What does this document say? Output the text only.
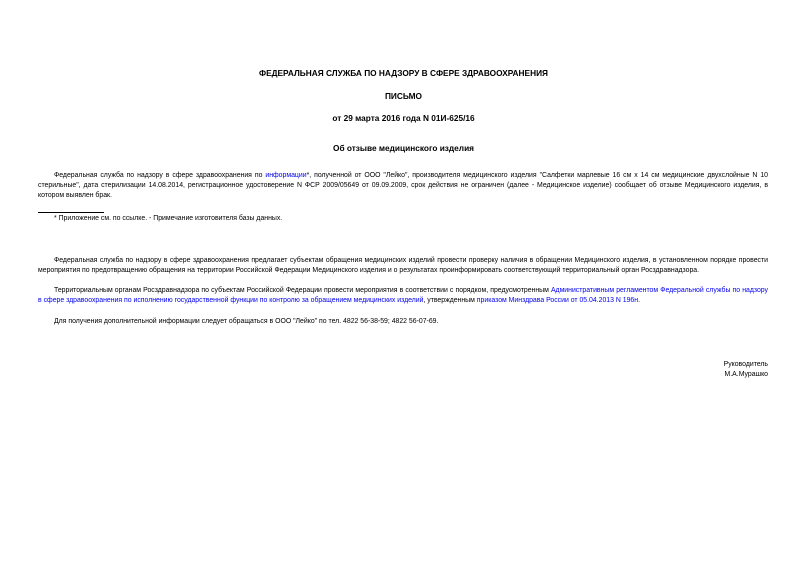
ФЕДЕРАЛЬНАЯ СЛУЖБА ПО НАДЗОРУ В СФЕРЕ ЗДРАВООХРАНЕНИЯ
ПИСЬМО
от 29 марта 2016 года N 01И-625/16
Об отзыве медицинского изделия
Федеральная служба по надзору в сфере здравоохранения по информации*, полученной от ООО "Лейко", производителя медицинского изделия "Салфетки марлевые 16 см x 14 см медицинские двухслойные N 10 стерильные", дата стерилизации 14.08.2014, регистрационное удостоверение N ФСР 2009/05649 от 09.09.2009, срок действия не ограничен (далее - Медицинское изделие) сообщает об отзыве Медицинского изделия, в котором выявлен брак.
* Приложение см. по ссылке. - Примечание изготовителя базы данных.
Федеральная служба по надзору в сфере здравоохранения предлагает субъектам обращения медицинских изделий провести проверку наличия в обращении Медицинского изделия, в установленном порядке провести мероприятия по предотвращению обращения на территории Российской Федерации Медицинского изделия и о результатах проинформировать соответствующий территориальный орган Росздравнадзора.
Территориальным органам Росздравнадзора по субъектам Российской Федерации провести мероприятия в соответствии с порядком, предусмотренным Административным регламентом Федеральной службы по надзору в сфере здравоохранения по исполнению государственной функции по контролю за обращением медицинских изделий, утвержденным приказом Минздрава России от 05.04.2013 N 196н.
Для получения дополнительной информации следует обращаться в ООО "Лейко" по тел. 4822 56-38-59; 4822 56-07-69.
Руководитель
М.А.Мурашко
